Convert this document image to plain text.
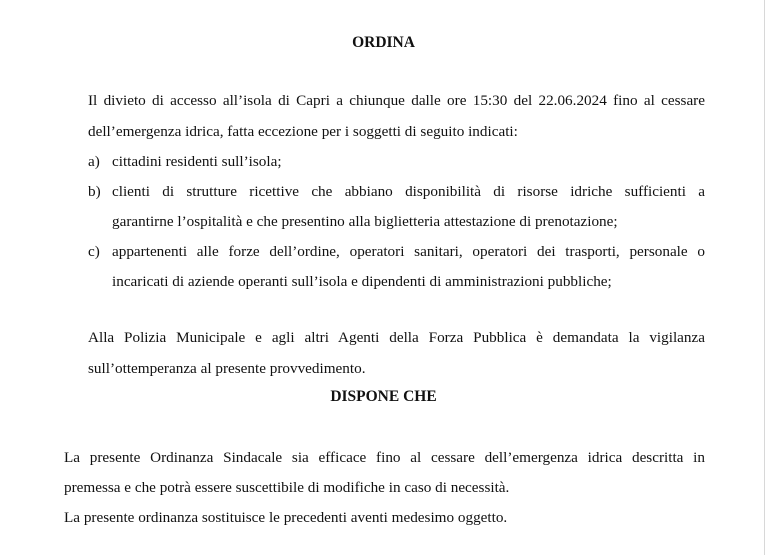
ORDINA
Il divieto di accesso all’isola di Capri a chiunque dalle ore 15:30 del 22.06.2024 fino al cessare
dell’emergenza idrica, fatta eccezione per i soggetti di seguito indicati:
a) cittadini residenti sull’isola;
b) clienti di strutture ricettive che abbiano disponibilità di risorse idriche sufficienti a
garantirne l’ospitalità e che presentino alla biglietteria attestazione di prenotazione;
c) appartenenti alle forze dell’ordine, operatori sanitari, operatori dei trasporti, personale o
incaricati di aziende operanti sull’isola e dipendenti di amministrazioni pubbliche;
Alla Polizia Municipale e agli altri Agenti della Forza Pubblica è demandata la vigilanza
sull’ottemperanza al presente provvedimento.
DISPONE CHE
La presente Ordinanza Sindacale sia efficace fino al cessare dell’emergenza idrica descritta in
premessa e che potrà essere suscettibile di modifiche in caso di necessità.
La presente ordinanza sostituisce le precedenti aventi medesimo oggetto.
